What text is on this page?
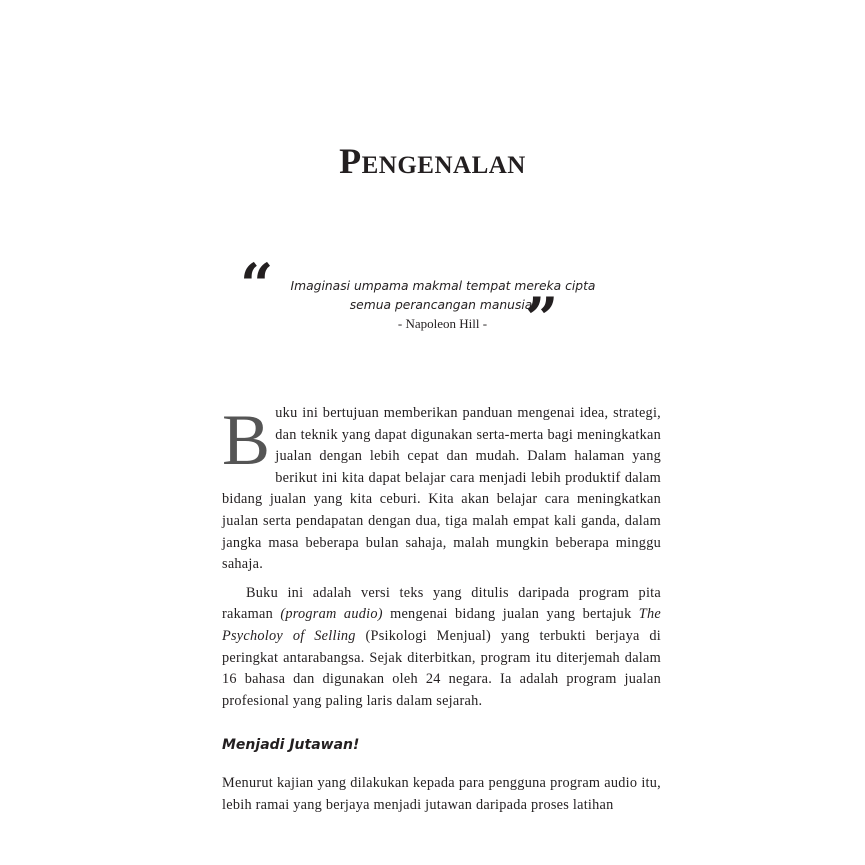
Pengenalan
“	Imaginasi umpama makmal tempat mereka cipta semua perancangan manusia.

”
- Napoleon Hill -

Buku ini bertujuan memberikan panduan mengenai idea, strategi, dan teknik yang dapat digunakan serta-merta bagi meningkatkan jualan dengan lebih cepat dan mudah. Dalam halaman yang berikut ini kita dapat belajar cara menjadi lebih produktif dalam bidang jualan yang kita ceburi. Kita akan belajar cara meningkatkan jualan serta pendapatan dengan dua, tiga malah empat kali ganda, dalam jangka masa beberapa bulan sahaja, malah mungkin beberapa minggu sahaja.

Buku ini adalah versi teks yang ditulis daripada program pita rakaman (program audio) mengenai bidang jualan yang bertajuk The Psycholoy of Selling (Psikologi Menjual) yang terbukti berjaya di peringkat antarabangsa. Sejak diterbitkan, program itu diterjemah dalam 16 bahasa dan digunakan oleh 24 negara. Ia adalah program jualan profesional yang paling laris dalam sejarah.

Menjadi Jutawan!

Menurut kajian yang dilakukan kepada para pengguna program audio itu, lebih ramai yang berjaya menjadi jutawan daripada proses latihan
